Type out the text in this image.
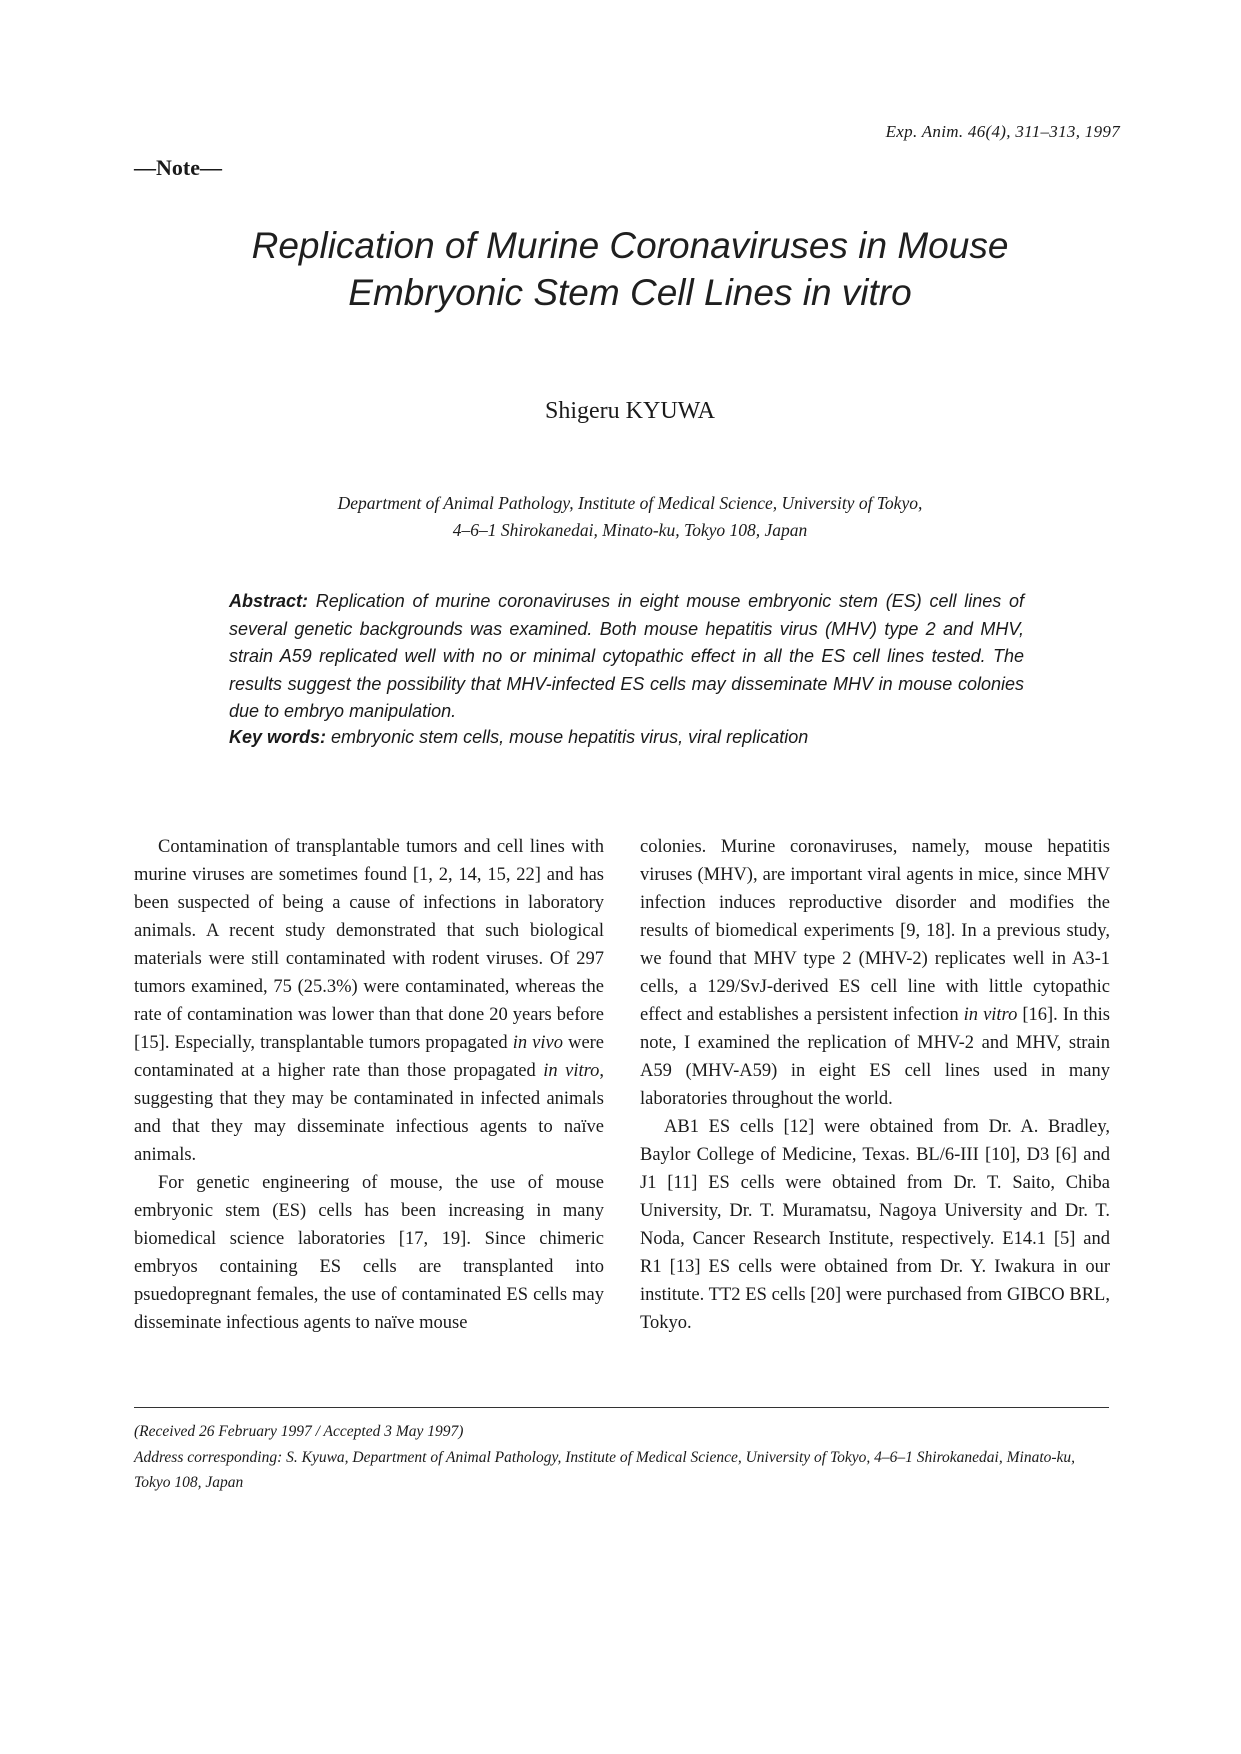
Exp. Anim. 46(4), 311–313, 1997
—Note—
Replication of Murine Coronaviruses in Mouse
Embryonic Stem Cell Lines in vitro
Shigeru KYUWA
Department of Animal Pathology, Institute of Medical Science, University of Tokyo,
4–6–1 Shirokanedai, Minato-ku, Tokyo 108, Japan
Abstract: Replication of murine coronaviruses in eight mouse embryonic stem (ES) cell lines of several genetic backgrounds was examined. Both mouse hepatitis virus (MHV) type 2 and MHV, strain A59 replicated well with no or minimal cytopathic effect in all the ES cell lines tested. The results suggest the possibility that MHV-infected ES cells may disseminate MHV in mouse colonies due to embryo manipulation.
Key words: embryonic stem cells, mouse hepatitis virus, viral replication

Contamination of transplantable tumors and cell lines with murine viruses are sometimes found [1, 2, 14, 15, 22] and has been suspected of being a cause of infections in laboratory animals. A recent study demonstrated that such biological materials were still contaminated with rodent viruses. Of 297 tumors examined, 75 (25.3%) were contaminated, whereas the rate of contamination was lower than that done 20 years before [15]. Especially, transplantable tumors propagated in vivo were contaminated at a higher rate than those propagated in vitro, suggesting that they may be contaminated in infected animals and that they may disseminate infectious agents to naïve animals.

For genetic engineering of mouse, the use of mouse embryonic stem (ES) cells has been increasing in many biomedical science laboratories [17, 19]. Since chimeric embryos containing ES cells are transplanted into psuedopregnant females, the use of contaminated ES cells may disseminate infectious agents to naïve mouse

colonies. Murine coronaviruses, namely, mouse hepatitis viruses (MHV), are important viral agents in mice, since MHV infection induces reproductive disorder and modifies the results of biomedical experiments [9, 18]. In a previous study, we found that MHV type 2 (MHV-2) replicates well in A3-1 cells, a 129/SvJ-derived ES cell line with little cytopathic effect and establishes a persistent infection in vitro [16]. In this note, I examined the replication of MHV-2 and MHV, strain A59 (MHV-A59) in eight ES cell lines used in many laboratories throughout the world.

AB1 ES cells [12] were obtained from Dr. A. Bradley, Baylor College of Medicine, Texas. BL/6-III [10], D3 [6] and J1 [11] ES cells were obtained from Dr. T. Saito, Chiba University, Dr. T. Muramatsu, Nagoya University and Dr. T. Noda, Cancer Research Institute, respectively. E14.1 [5] and R1 [13] ES cells were obtained from Dr. Y. Iwakura in our institute. TT2 ES cells [20] were purchased from GIBCO BRL, Tokyo.

(Received 26 February 1997 / Accepted 3 May 1997)
Address corresponding: S. Kyuwa, Department of Animal Pathology, Institute of Medical Science, University of Tokyo, 4–6–1 Shirokanedai, Minato-ku, Tokyo 108, Japan
